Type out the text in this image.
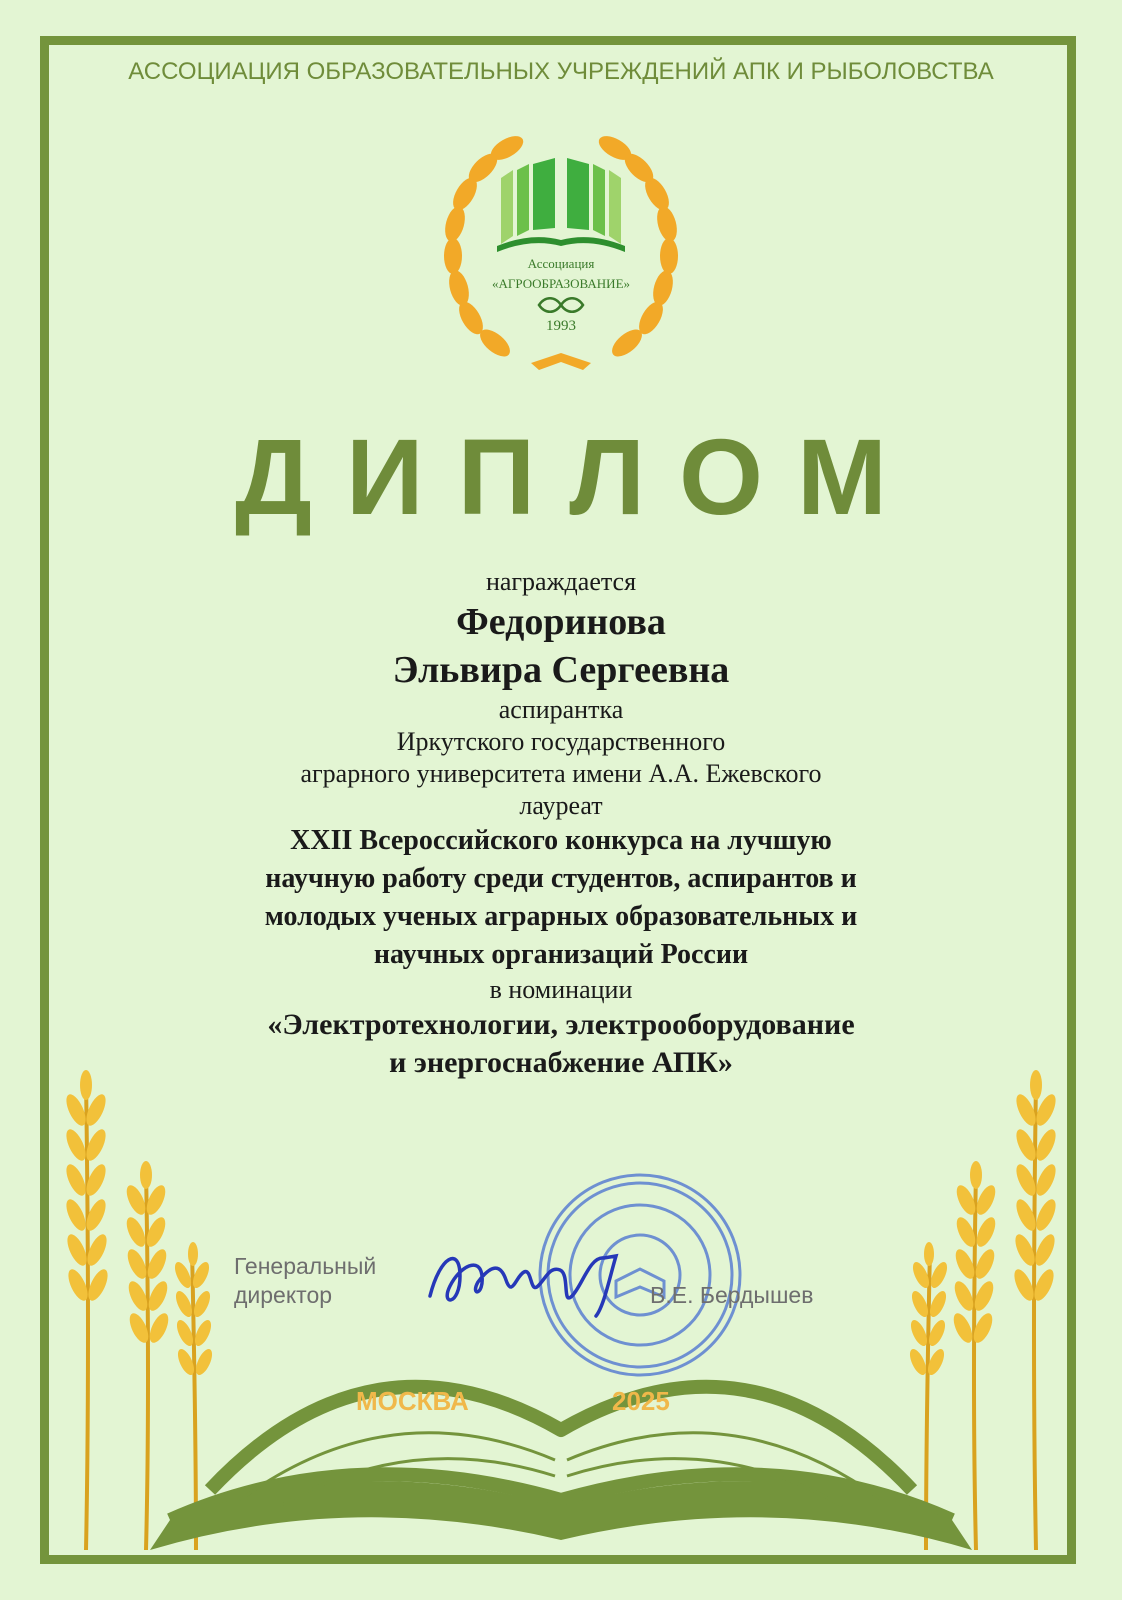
АССОЦИАЦИЯ ОБРАЗОВАТЕЛЬНЫХ УЧРЕЖДЕНИЙ АПК И РЫБОЛОВСТВА
Ассоциация
«АГРООБРАЗОВАНИЕ»
1993
ДИПЛОМ
награждается
Федоринова
Эльвира Сергеевна
аспирантка
Иркутского государственного
аграрного университета имени А.А. Ежевского
лауреат
XXII Всероссийского конкурса на лучшую
научную работу среди студентов, аспирантов и
молодых ученых аграрных образовательных и
научных организаций России
в номинации
«Электротехнологии, электрооборудование
и энергоснабжение АПК»
Генеральный
директор	В.Е. Бердышев
МОСКВА	2025
